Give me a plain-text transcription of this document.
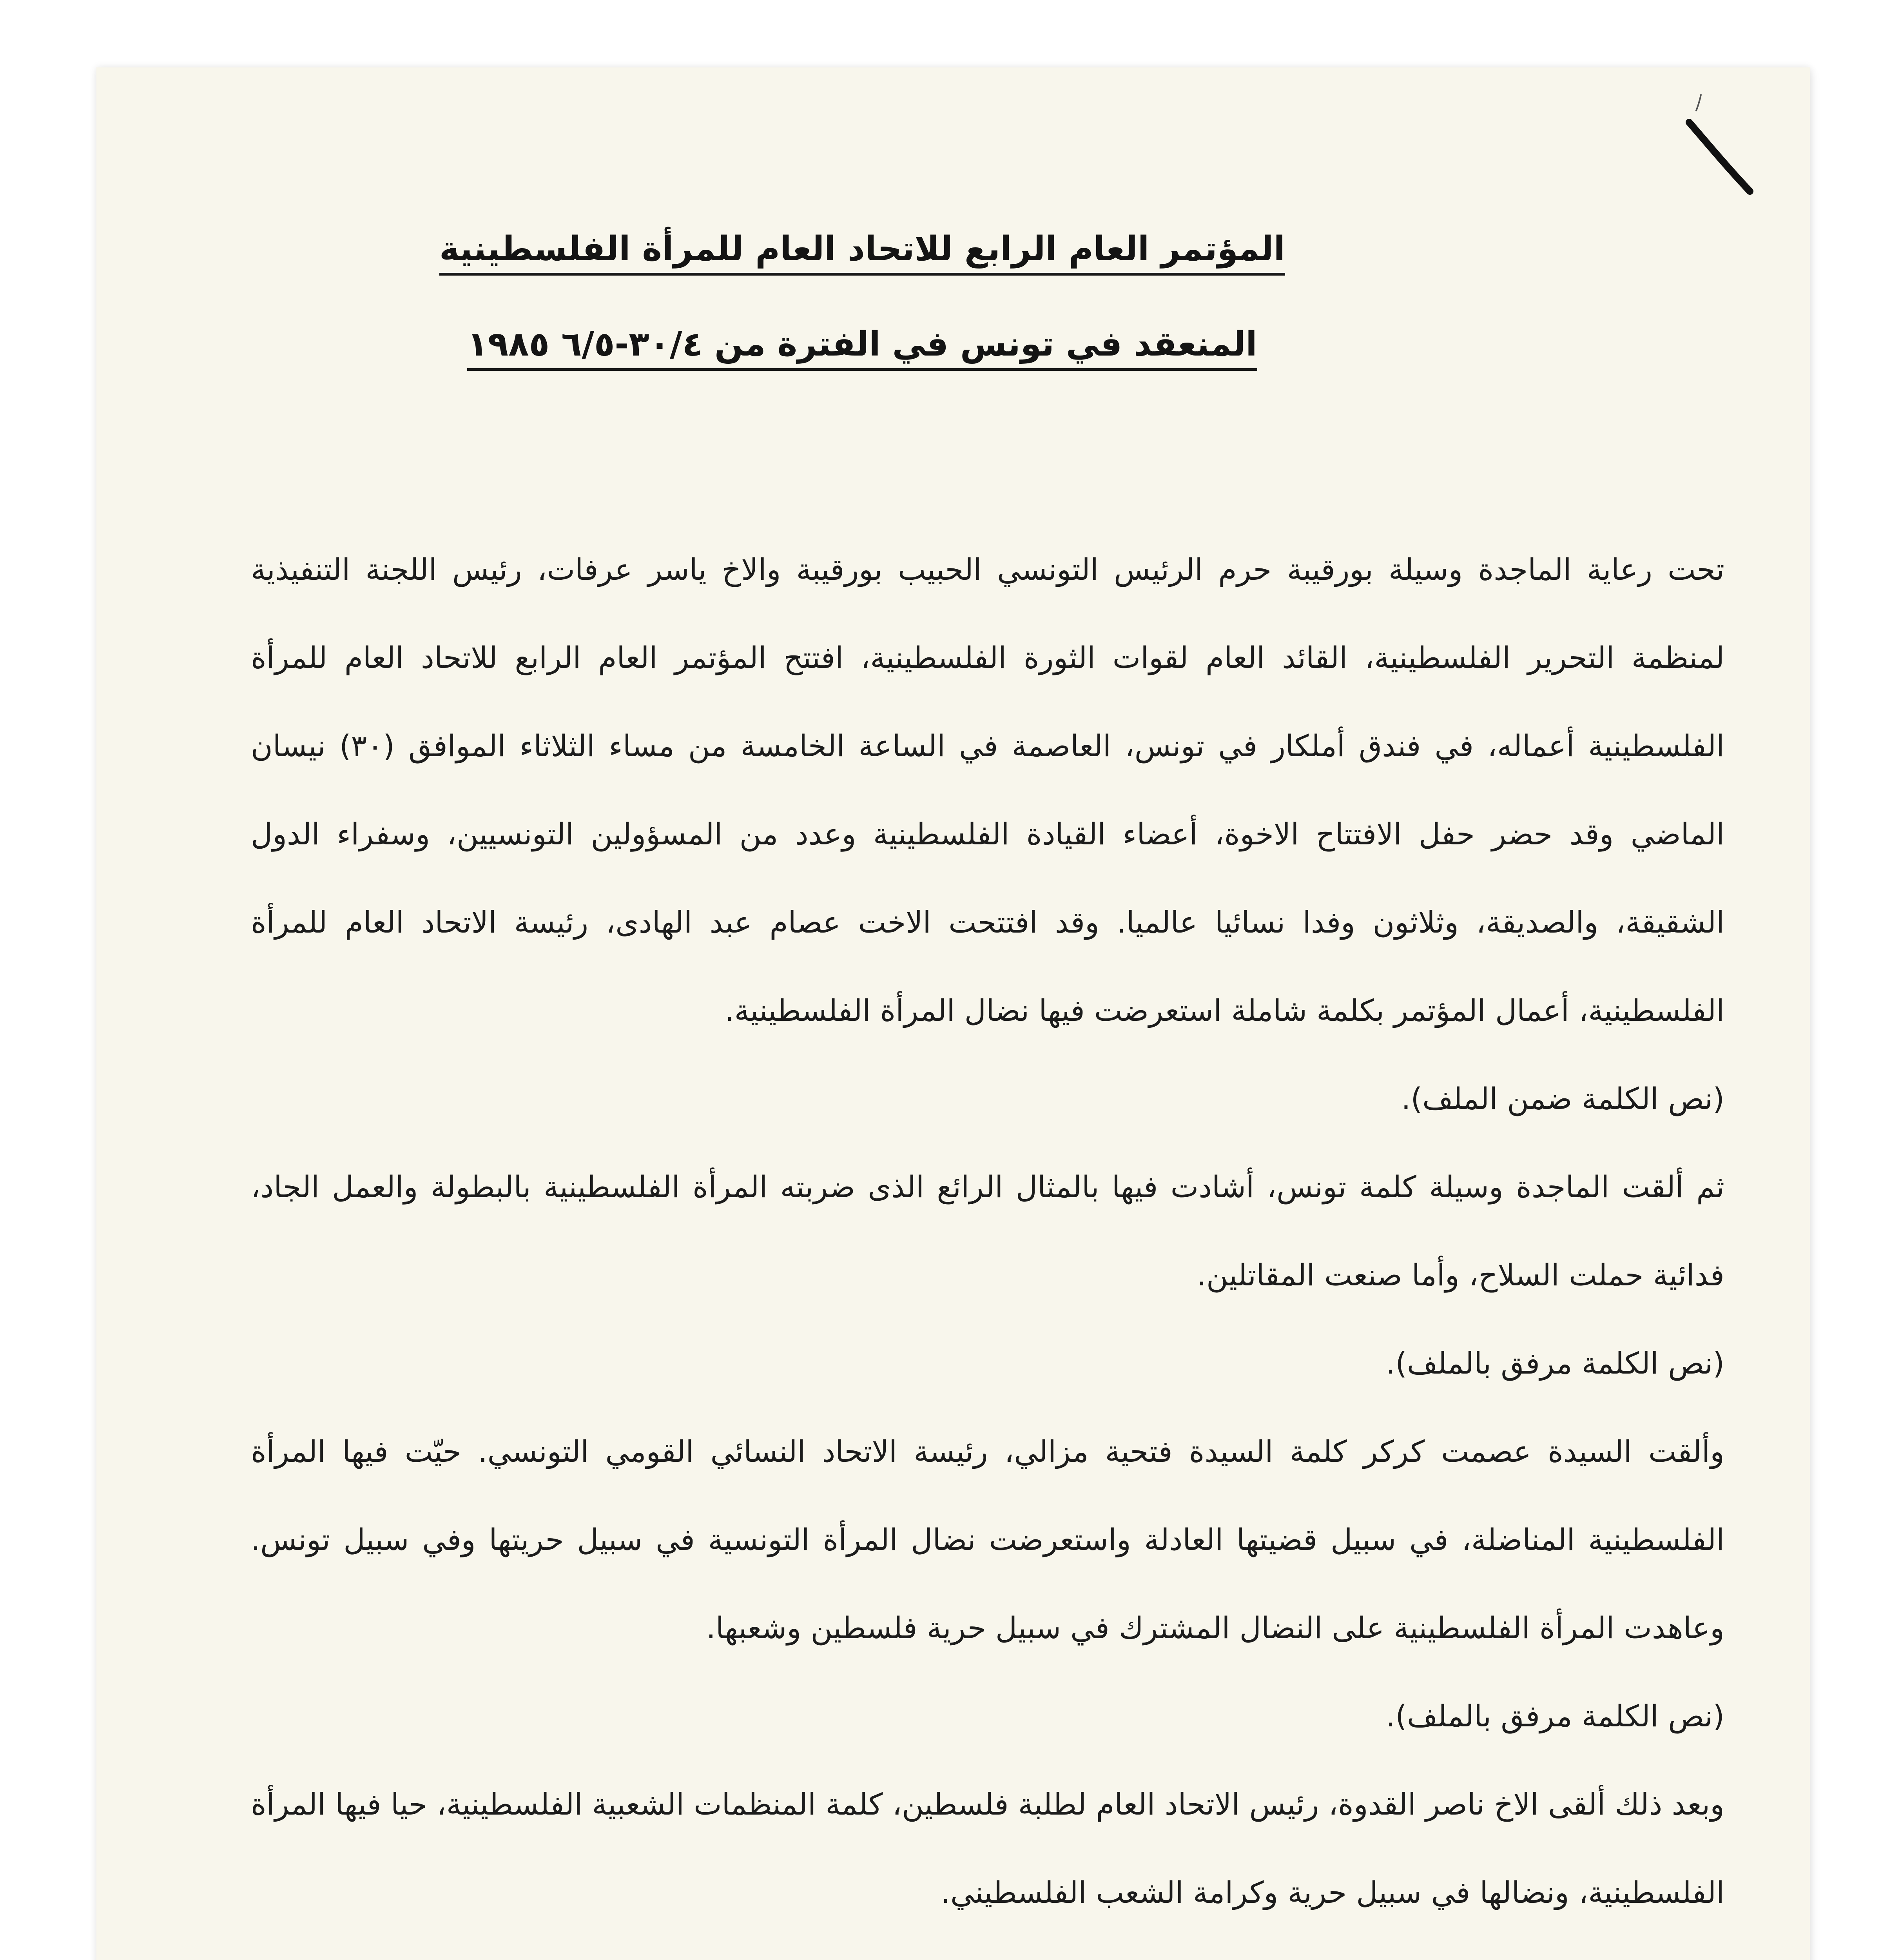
المؤتمر العام الرابع للاتحاد العام للمرأة الفلسطينية
المنعقد في تونس في الفترة من ٣٠/٤-٦/٥ ١٩٨٥

تحت رعاية الماجدة وسيلة بورقيبة حرم الرئيس التونسي الحبيب بورقيبة والاخ ياسر عرفات، رئيس اللجنة التنفيذية لمنظمة التحرير الفلسطينية، القائد العام لقوات الثورة الفلسطينية، افتتح المؤتمر العام الرابع للاتحاد العام للمرأة الفلسطينية أعماله، في فندق أملكار في تونس، العاصمة في الساعة الخامسة من مساء الثلاثاء الموافق (٣٠) نيسان الماضي وقد حضر حفل الافتتاح الاخوة، أعضاء القيادة الفلسطينية وعدد من المسؤولين التونسيين، وسفراء الدول الشقيقة، والصديقة، وثلاثون وفدا نسائيا عالميا. وقد افتتحت الاخت عصام عبد الهادى، رئيسة الاتحاد العام للمرأة الفلسطينية، أعمال المؤتمر بكلمة شاملة استعرضت فيها نضال المرأة الفلسطينية.

(نص الكلمة ضمن الملف).

ثم ألقت الماجدة وسيلة كلمة تونس، أشادت فيها بالمثال الرائع الذى ضربته المرأة الفلسطينية بالبطولة والعمل الجاد، فدائية حملت السلاح، وأما صنعت المقاتلين.

(نص الكلمة مرفق بالملف).

وألقت السيدة عصمت كركر كلمة السيدة فتحية مزالي، رئيسة الاتحاد النسائي القومي التونسي. حيّت فيها المرأة الفلسطينية المناضلة، في سبيل قضيتها العادلة واستعرضت نضال المرأة التونسية في سبيل حريتها وفي سبيل تونس. وعاهدت المرأة الفلسطينية على النضال المشترك في سبيل حرية فلسطين وشعبها.

(نص الكلمة مرفق بالملف).

وبعد ذلك ألقى الاخ ناصر القدوة، رئيس الاتحاد العام لطلبة فلسطين، كلمة المنظمات الشعبية الفلسطينية، حيا فيها المرأة الفلسطينية، ونضالها في سبيل حرية وكرامة الشعب الفلسطيني.
